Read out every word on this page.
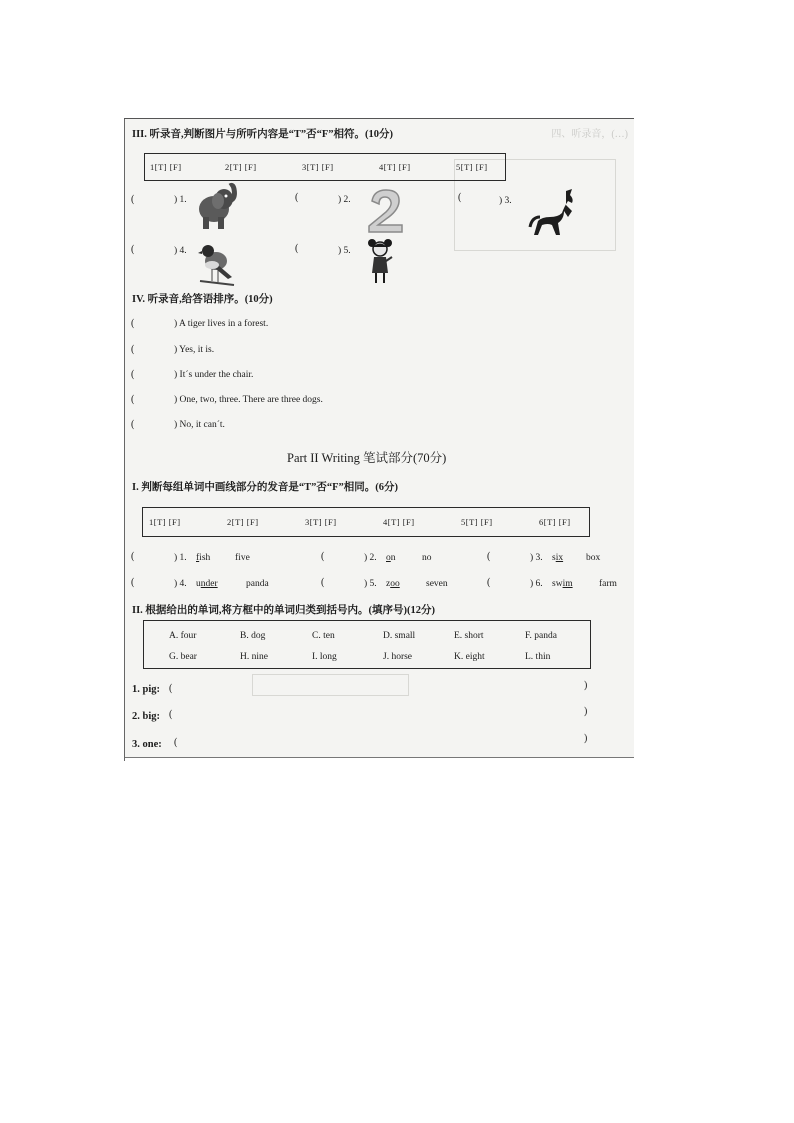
四、听录音，(…)
III. 听录音,判断图片与所听内容是“T”否“F”相符。(10分)
1[T] [F]	2[T] [F]	3[T] [F]	4[T] [F]	5[T] [F]
(	) 1.	(	) 2.	(	) 3.
(	) 4.	(	) 5.
IV. 听录音,给答语排序。(10分)
(	) A tiger lives in a forest.
(	) Yes, it is.
(	) It´s under the chair.
(	) One, two, three. There are three dogs.
(	) No, it can´t.
Part II Writing 笔试部分(70分)
I. 判断每组单词中画线部分的发音是“T”否“F”相同。(6分)
1[T] [F]	2[T] [F]	3[T] [F]	4[T] [F]	5[T] [F]	6[T] [F]
(	) 1. fish	five	(	) 2. on	no	(	) 3. six box
(	) 4. under	panda	(	) 5. zoo	seven	(	) 6. swim	farm
II. 根据给出的单词,将方框中的单词归类到括号内。(填序号)(12分)
A. four	B. dog	C. ten	D. small	E. short	F. panda
G. bear	H. nine	I. long	J. horse	K. eight	L. thin
1. pig: (	)
2. big: (	)
3. one: (	)
